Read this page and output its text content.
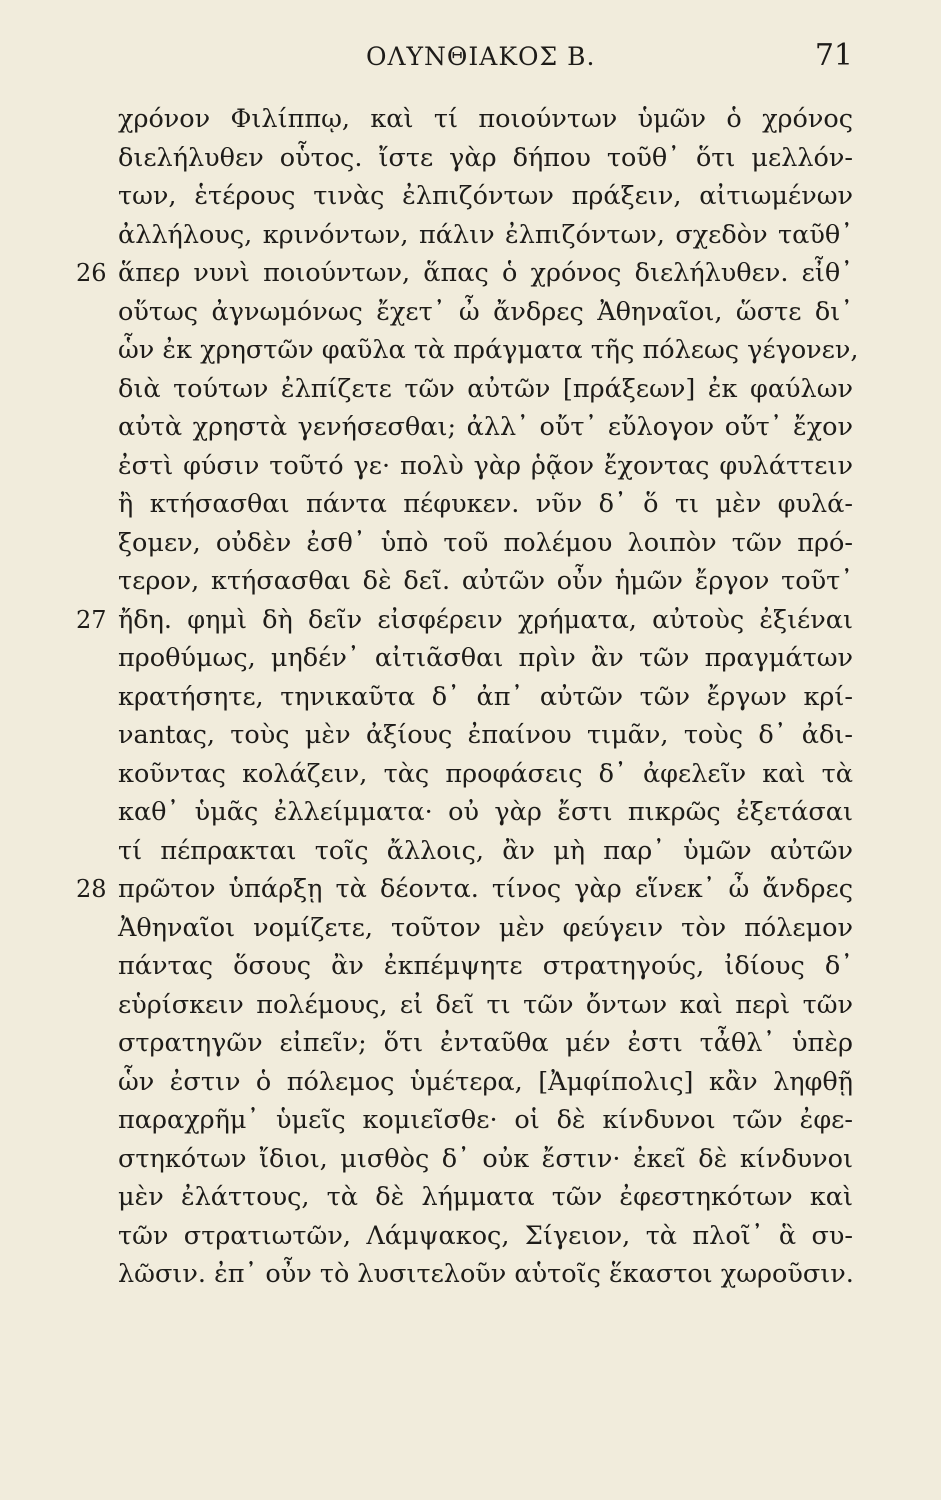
ΟΛΥΝΘΙΑΚΟΣ Β.	71
χρόνον Φιλίππῳ, καὶ τί ποιούντων ὑμῶν ὁ χρόνος
διελήλυθεν οὗτος. ἴστε γὰρ δήπου τοῦθ᾽ ὅτι μελλόν-
των, ἑτέρους τινὰς ἐλπιζόντων πράξειν, αἰτιωμένων
ἀλλήλους, κρινόντων, πάλιν ἐλπιζόντων, σχεδὸν ταῦθ᾽
26 ἅπερ νυνὶ ποιούντων, ἅπας ὁ χρόνος διελήλυθεν. εἶθ᾽
οὕτως ἀγνωμόνως ἔχετ᾽ ὦ ἄνδρες Ἀθηναῖοι, ὥστε δι᾽
ὧν ἐκ χρηστῶν φαῦλα τὰ πράγματα τῆς πόλεως γέγονεν,
διὰ τούτων ἐλπίζετε τῶν αὐτῶν [πράξεων] ἐκ φαύλων
αὐτὰ χρηστὰ γενήσεσθαι; ἀλλ᾽ οὔτ᾽ εὔλογον οὔτ᾽ ἔχον
ἐστὶ φύσιν τοῦτό γε· πολὺ γὰρ ῥᾷον ἔχοντας φυλάττειν
ἢ κτήσασθαι πάντα πέφυκεν. νῦν δ᾽ ὅ τι μὲν φυλά-
ξομεν, οὐδὲν ἐσθ᾽ ὑπὸ τοῦ πολέμου λοιπὸν τῶν πρό-
τερον, κτήσασθαι δὲ δεῖ. αὐτῶν οὖν ἡμῶν ἔργον τοῦτ᾽
27 ἤδη. φημὶ δὴ δεῖν εἰσφέρειν χρήματα, αὐτοὺς ἐξιέναι
προθύμως, μηδέν᾽ αἰτιᾶσθαι πρὶν ἂν τῶν πραγμάτων
κρατήσητε, τηνικαῦτα δ᾽ ἀπ᾽ αὐτῶν τῶν ἔργων κρί-
νantας, τοὺς μὲν ἀξίους ἐπαίνου τιμᾶν, τοὺς δ᾽ ἀδι-
κοῦντας κολάζειν, τὰς προφάσεις δ᾽ ἀφελεῖν καὶ τὰ
καθ᾽ ὑμᾶς ἐλλείμματα· οὐ γὰρ ἔστι πικρῶς ἐξετάσαι
τί πέπρακται τοῖς ἄλλοις, ἂν μὴ παρ᾽ ὑμῶν αὐτῶν
28 πρῶτον ὑπάρξῃ τὰ δέοντα. τίνος γὰρ εἵνεκ᾽ ὦ ἄνδρες
Ἀθηναῖοι νομίζετε, τοῦτον μὲν φεύγειν τὸν πόλεμον
πάντας ὅσους ἂν ἐκπέμψητε στρατηγούς, ἰδίους δ᾽
εὑρίσκειν πολέμους, εἰ δεῖ τι τῶν ὄντων καὶ περὶ τῶν
στρατηγῶν εἰπεῖν; ὅτι ἐνταῦθα μέν ἐστι τἆθλ᾽ ὑπὲρ
ὧν ἐστιν ὁ πόλεμος ὑμέτερα, [Ἀμφίπολις] κἂν ληφθῇ
παραχρῆμ᾽ ὑμεῖς κομιεῖσθε· οἱ δὲ κίνδυνοι τῶν ἐφε-
στηκότων ἴδιοι, μισθὸς δ᾽ οὐκ ἔστιν· ἐκεῖ δὲ κίνδυνοι
μὲν ἐλάττους, τὰ δὲ λήμματα τῶν ἐφεστηκότων καὶ
τῶν στρατιωτῶν, Λάμψακος, Σίγειον, τὰ πλοῖ᾽ ἃ συ-
λῶσιν. ἐπ᾽ οὖν τὸ λυσιτελοῦν αὑτοῖς ἕκαστοι χωροῦσιν.
